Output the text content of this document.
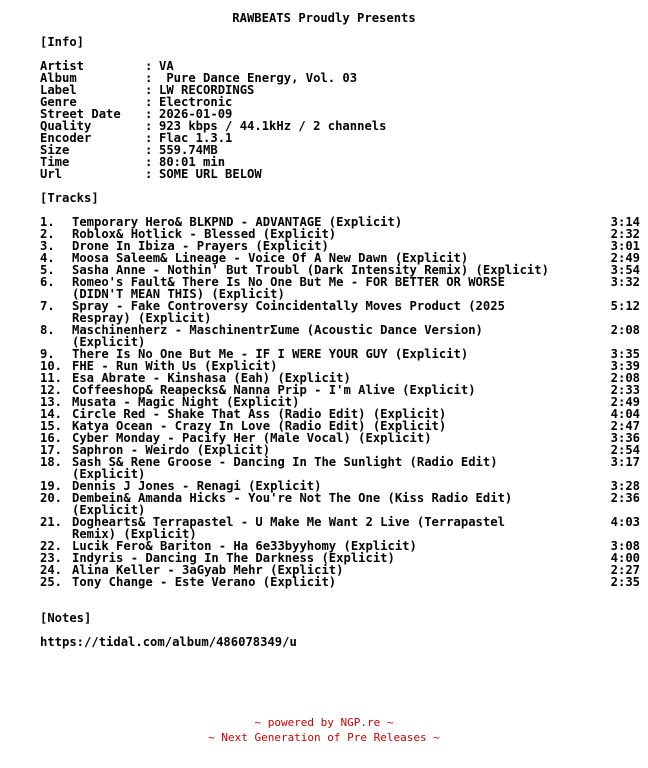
RAWBEATS Proudly Presents
[Info]
Artist	: VA
Album	: Pure Dance Energy, Vol. 03
Label	: LW RECORDINGS
Genre	: Electronic
Street Date : 2026-01-09
Quality	: 923 kbps / 44.1kHz / 2 channels
Encoder	: Flac 1.3.1
Size	: 559.74MB
Time	: 80:01 min
Url	: SOME URL BELOW
[Tracks]
1. Temporary Hero& BLKPND - ADVANTAGE (Explicit)	3:14
2. Roblox& Hotlick - Blessed (Explicit)	2:32
3. Drone In Ibiza - Prayers (Explicit)	3:01
4. Moosa Saleem& Lineage - Voice Of A New Dawn (Explicit)	2:49
5. Sasha Anne - Nothin' But Troubl (Dark Intensity Remix) (Explicit)	3:54
6. Romeo's Fault& There Is No One But Me - FOR BETTER OR WORSE	3:32
(DIDN'T MEAN THIS) (Explicit)
7. Spray - Fake Controversy Coincidentally Moves Product (2025	5:12
Respray) (Explicit)
8. Maschinenherz - MaschinentrΣume (Acoustic Dance Version)	2:08
(Explicit)
9. There Is No One But Me - IF I WERE YOUR GUY (Explicit)	3:35
10. FHE - Run With Us (Explicit)	3:39
11. Esa Abrate - Kinshasa (Eah) (Explicit)	2:08
12. Coffeeshop& Reapecks& Nanna Prip - I'm Alive (Explicit)	2:33
13. Musata - Magic Night (Explicit)	2:49
14. Circle Red - Shake That Ass (Radio Edit) (Explicit)	4:04
15. Katya Ocean - Crazy In Love (Radio Edit) (Explicit)	2:47
16. Cyber Monday - Pacify Her (Male Vocal) (Explicit)	3:36
17. Saphron - Weirdo (Explicit)	2:54
18. Sash S& Rene Groose - Dancing In The Sunlight (Radio Edit)	3:17
(Explicit)
19. Dennis J Jones - Renagi (Explicit)	3:28
20. Dembein& Amanda Hicks - You're Not The One (Kiss Radio Edit)	2:36
(Explicit)
21. Doghearts& Terrapastel - U Make Me Want 2 Live (Terrapastel	4:03
Remix) (Explicit)
22. Lucik Fero& Bariton - Ha 6e33byyhomy (Explicit)	3:08
23. Indyris - Dancing In The Darkness (Explicit)	4:00
24. Alina Keller - 3aGyab Mehr (Explicit)	2:27
25. Tony Change - Este Verano (Explicit)	2:35
[Notes]
https://tidal.com/album/486078349/u
~ powered by NGP.re ~
~ Next Generation of Pre Releases ~
